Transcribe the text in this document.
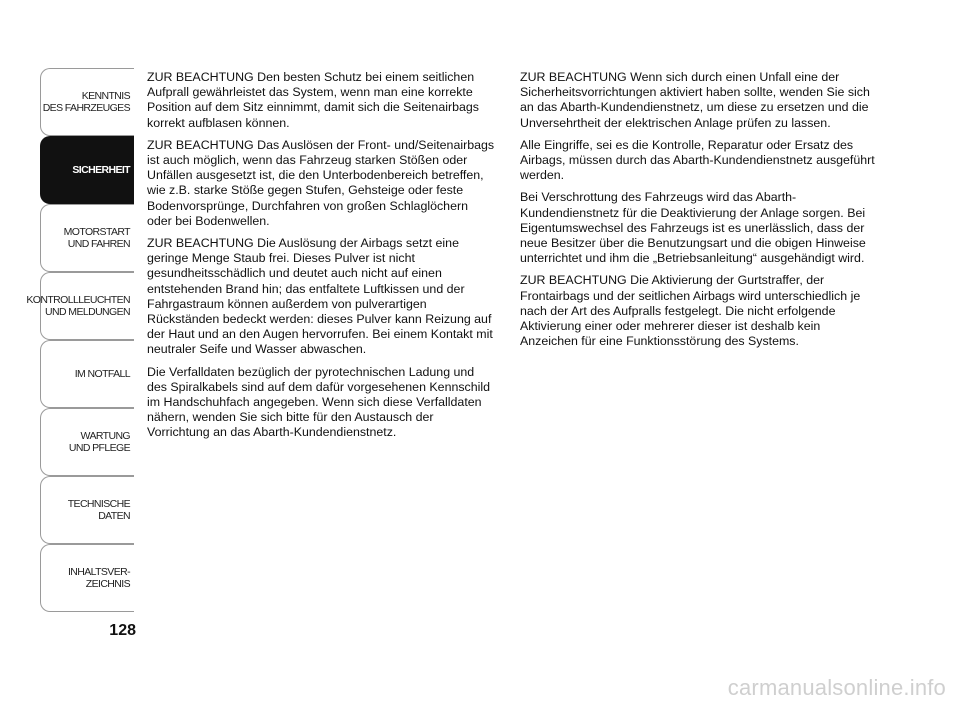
KENNTNIS
DES FAHRZEUGES
SICHERHEIT
MOTORSTART
UND FAHREN
KONTROLLLEUCHTEN
UND MELDUNGEN
IM NOTFALL
WARTUNG
UND PFLEGE
TECHNISCHE
DATEN
INHALTSVER-
ZEICHNIS
128

ZUR BEACHTUNG Den besten Schutz bei einem seitlichen Aufprall gewährleistet das System, wenn man eine korrekte Position auf dem Sitz einnimmt, damit sich die Seitenairbags korrekt aufblasen können.

ZUR BEACHTUNG Das Auslösen der Front- und/Seitenairbags ist auch möglich, wenn das Fahrzeug starken Stößen oder Unfällen ausgesetzt ist, die den Unterbodenbereich betreffen, wie z.B. starke Stöße gegen Stufen, Gehsteige oder feste Bodenvorsprünge, Durchfahren von großen Schlaglöchern oder bei Bodenwellen.

ZUR BEACHTUNG Die Auslösung der Airbags setzt eine geringe Menge Staub frei. Dieses Pulver ist nicht gesundheitsschädlich und deutet auch nicht auf einen entstehenden Brand hin; das entfaltete Luftkissen und der Fahrgastraum können außerdem von pulverartigen Rückständen bedeckt werden: dieses Pulver kann Reizung auf der Haut und an den Augen hervorrufen. Bei einem Kontakt mit neutraler Seife und Wasser abwaschen.

Die Verfalldaten bezüglich der pyrotechnischen Ladung und des Spiralkabels sind auf dem dafür vorgesehenen Kennschild im Handschuhfach angegeben. Wenn sich diese Verfalldaten nähern, wenden Sie sich bitte für den Austausch der Vorrichtung an das Abarth-Kundendienstnetz.

ZUR BEACHTUNG Wenn sich durch einen Unfall eine der Sicherheitsvorrichtungen aktiviert haben sollte, wenden Sie sich an das Abarth-Kundendienstnetz, um diese zu ersetzen und die Unversehrtheit der elektrischen Anlage prüfen zu lassen.

Alle Eingriffe, sei es die Kontrolle, Reparatur oder Ersatz des Airbags, müssen durch das Abarth-Kundendienstnetz ausgeführt werden.

Bei Verschrottung des Fahrzeugs wird das Abarth-Kundendienstnetz für die Deaktivierung der Anlage sorgen. Bei Eigentumswechsel des Fahrzeugs ist es unerlässlich, dass der neue Besitzer über die Benutzungsart und die obigen Hinweise unterrichtet und ihm die „Betriebsanleitung“ ausgehändigt wird.

ZUR BEACHTUNG Die Aktivierung der Gurtstraffer, der Frontairbags und der seitlichen Airbags wird unterschiedlich je nach der Art des Aufpralls festgelegt. Die nicht erfolgende Aktivierung einer oder mehrerer dieser ist deshalb kein Anzeichen für eine Funktionsstörung des Systems.

carmanualsonline.info
